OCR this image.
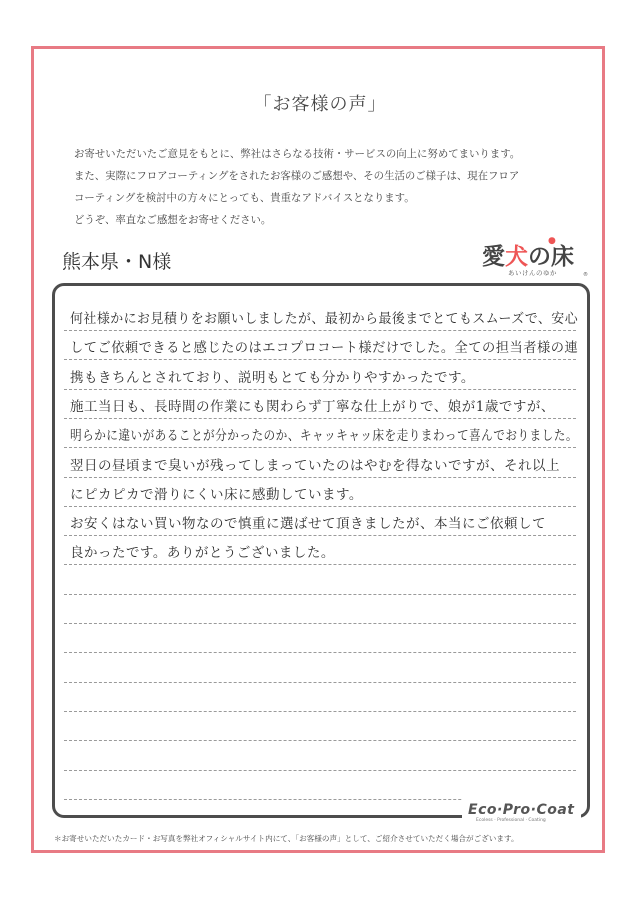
「お客様の声」
お寄せいただいたご意見をもとに、弊社はさらなる技術・サービスの向上に努めてまいります。
また、実際にフロアコーティングをされたお客様のご感想や、その生活のご様子は、現在フロア
コーティングを検討中の方々にとっても、貴重なアドバイスとなります。
どうぞ、率直なご感想をお寄せください。
熊本県・N様	愛犬の床
●
あいけんのゆか	®
何社様かにお見積りをお願いしましたが、最初から最後までとてもスムーズで、安心
してご依頼できると感じたのはエコプロコート様だけでした。全ての担当者様の連
携もきちんとされており、説明もとても分かりやすかったです。
施工当日も、長時間の作業にも関わらず丁寧な仕上がりで、娘が1歳ですが、
明らかに違いがあることが分かったのか、キャッキャッ床を走りまわって喜んでおりました。
翌日の昼頃まで臭いが残ってしまっていたのはやむを得ないですが、それ以上
にピカピカで滑りにくい床に感動しています。
お安くはない買い物なので慎重に選ばせて頂きましたが、本当にご依頼して
良かったです。ありがとうございました。
Eco·Pro·Coat
Ecoless · Professional · Coating
＊お寄せいただいたカード・お写真を弊社オフィシャルサイト内にて、「お客様の声」として、ご紹介させていただく場合がございます。
